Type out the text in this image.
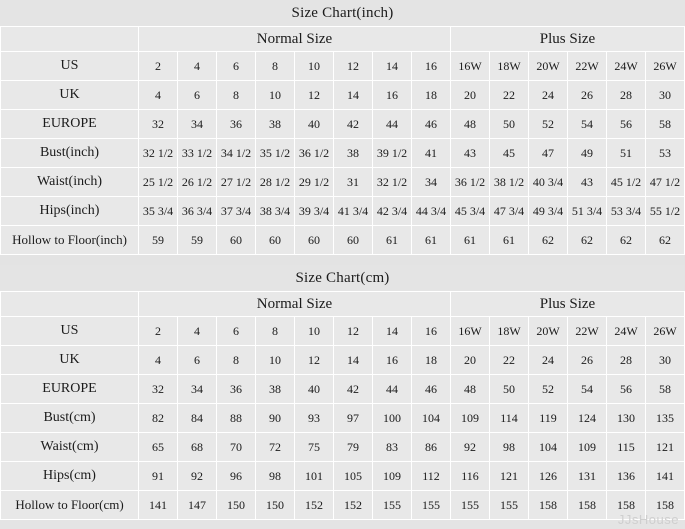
Size Chart(inch)
	Normal Size								Plus Size					
US	2	4	6	8	10	12	14	16	16W	18W	20W	22W	24W	26W
UK	4	6	8	10	12	14	16	18	20	22	24	26	28	30
EUROPE	32	34	36	38	40	42	44	46	48	50	52	54	56	58
Bust(inch)	32 1/2	33 1/2	34 1/2	35 1/2	36 1/2	38	39 1/2	41	43	45	47	49	51	53
Waist(inch)	25 1/2	26 1/2	27 1/2	28 1/2	29 1/2	31	32 1/2	34	36 1/2	38 1/2	40 3/4	43	45 1/2	47 1/2
Hips(inch)	35 3/4	36 3/4	37 3/4	38 3/4	39 3/4	41 3/4	42 3/4	44 3/4	45 3/4	47 3/4	49 3/4	51 3/4	53 3/4	55 1/2
Hollow to Floor(inch)	59	59	60	60	60	60	61	61	61	61	62	62	62	62
Size Chart(cm)
	Normal Size								Plus Size					
US	2	4	6	8	10	12	14	16	16W	18W	20W	22W	24W	26W
UK	4	6	8	10	12	14	16	18	20	22	24	26	28	30
EUROPE	32	34	36	38	40	42	44	46	48	50	52	54	56	58
Bust(cm)	82	84	88	90	93	97	100	104	109	114	119	124	130	135
Waist(cm)	65	68	70	72	75	79	83	86	92	98	104	109	115	121
Hips(cm)	91	92	96	98	101	105	109	112	116	121	126	131	136	141
Hollow to Floor(cm)	141	147	150	150	152	152	155	155	155	155	158	158	158	158
JJsHouse
